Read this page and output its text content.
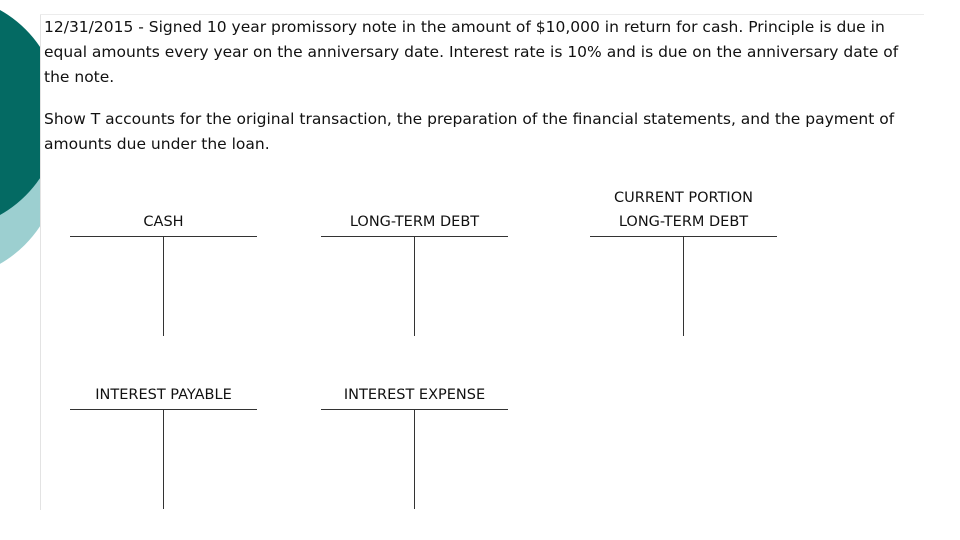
12/31/2015 - Signed 10 year promissory note in the amount of $10,000 in return for cash. Principle is due in equal amounts every year on the anniversary date. Interest rate is 10% and is due on the anniversary date of the note.

Show T accounts for the original transaction, the preparation of the financial statements, and the payment of amounts due under the loan.

CASH	LONG-TERM DEBT
CURRENT PORTION
LONG-TERM DEBT
INTEREST PAYABLE	INTEREST EXPENSE
